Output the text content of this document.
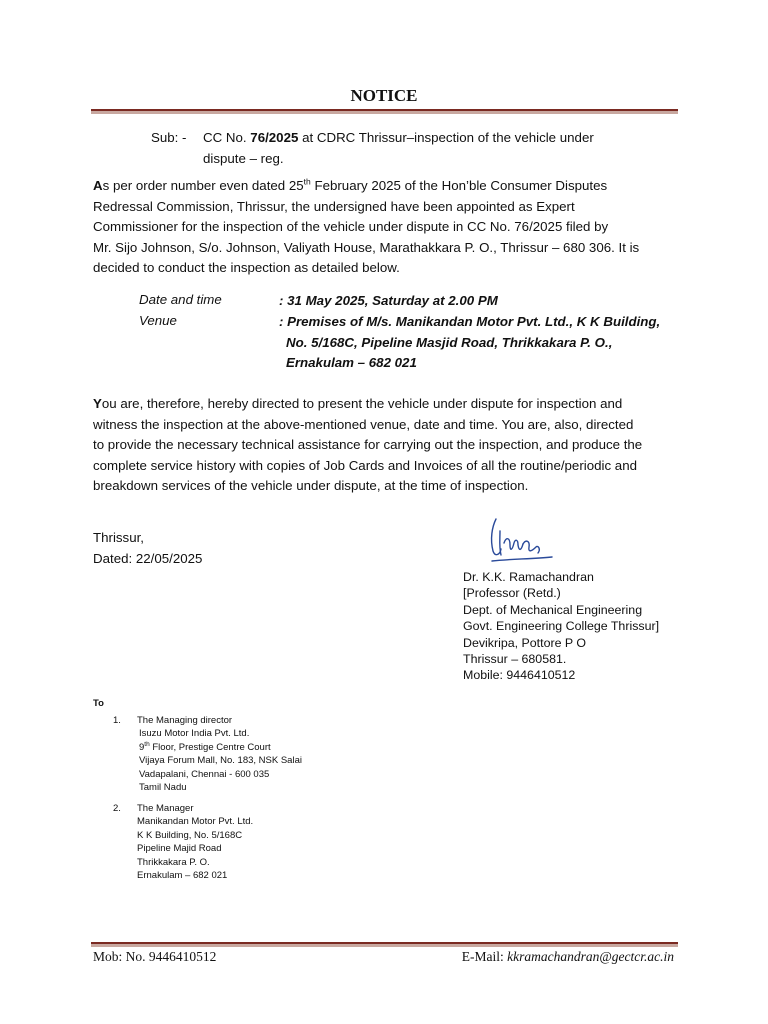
NOTICE
Sub: - CC No. 76/2025 at CDRC Thrissur–inspection of the vehicle under
dispute – reg.
As per order number even dated 25th February 2025 of the Hon’ble Consumer Disputes
Redressal Commission, Thrissur, the undersigned have been appointed as Expert
Commissioner for the inspection of the vehicle under dispute in CC No. 76/2025 filed by
Mr. Sijo Johnson, S/o. Johnson, Valiyath House, Marathakkara P. O., Thrissur – 680 306. It is
decided to conduct the inspection as detailed below.
Date and time	: 31 May 2025, Saturday at 2.00 PM
Venue	: Premises of M/s. Manikandan Motor Pvt. Ltd., K K Building,
No. 5/168C, Pipeline Masjid Road, Thrikkakara P. O.,
Ernakulam – 682 021
You are, therefore, hereby directed to present the vehicle under dispute for inspection and
witness the inspection at the above-mentioned venue, date and time. You are, also, directed
to provide the necessary technical assistance for carrying out the inspection, and produce the
complete service history with copies of Job Cards and Invoices of all the routine/periodic and
breakdown services of the vehicle under dispute, at the time of inspection.
Thrissur,
Dated: 22/05/2025
Dr. K.K. Ramachandran
[Professor (Retd.)
Dept. of Mechanical Engineering
Govt. Engineering College Thrissur]
Devikripa, Pottore P O
Thrissur – 680581.
Mobile: 9446410512
To
1. The Managing director
Isuzu Motor India Pvt. Ltd.
9th Floor, Prestige Centre Court
Vijaya Forum Mall, No. 183, NSK Salai
Vadapalani, Chennai - 600 035
Tamil Nadu
2. The Manager
Manikandan Motor Pvt. Ltd.
K K Building, No. 5/168C
Pipeline Majid Road
Thrikkakara P. O.
Ernakulam – 682 021
Mob: No. 9446410512	E-Mail: kkramachandran@gectcr.ac.in
